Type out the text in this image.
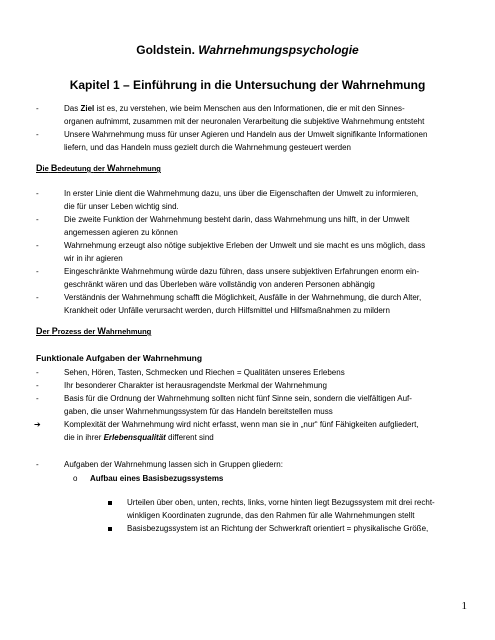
Goldstein. Wahrnehmungspsychologie
Kapitel 1 – Einführung in die Untersuchung der Wahrnehmung
-	Das Ziel ist es, zu verstehen, wie beim Menschen aus den Informationen, die er mit den Sinnes-
organen aufnimmt, zusammen mit der neuronalen Verarbeitung die subjektive Wahrnehmung entsteht
-	Unsere Wahrnehmung muss für unser Agieren und Handeln aus der Umwelt signifikante Informationen
liefern, und das Handeln muss gezielt durch die Wahrnehmung gesteuert werden
Die Bedeutung der Wahrnehmung
-	In erster Linie dient die Wahrnehmung dazu, uns über die Eigenschaften der Umwelt zu informieren,
die für unser Leben wichtig sind.
-	Die zweite Funktion der Wahrnehmung besteht darin, dass Wahrnehmung uns hilft, in der Umwelt
angemessen agieren zu können
-	Wahrnehmung erzeugt also nötige subjektive Erleben der Umwelt und sie macht es uns möglich, dass
wir in ihr agieren
-	Eingeschränkte Wahrnehmung würde dazu führen, dass unsere subjektiven Erfahrungen enorm ein-
geschränkt wären und das Überleben wäre vollständig von anderen Personen abhängig
-	Verständnis der Wahrnehmung schafft die Möglichkeit, Ausfälle in der Wahrnehmung, die durch Alter,
Krankheit oder Unfälle verursacht werden, durch Hilfsmittel und Hilfsmaßnahmen zu mildern
Der Prozess der Wahrnehmung
Funktionale Aufgaben der Wahrnehmung
-	Sehen, Hören, Tasten, Schmecken und Riechen = Qualitäten unseres Erlebens
-	Ihr besonderer Charakter ist herausragendste Merkmal der Wahrnehmung
-	Basis für die Ordnung der Wahrnehmung sollten nicht fünf Sinne sein, sondern die vielfältigen Auf-
gaben, die unser Wahrnehmungssystem für das Handeln bereitstellen muss
➔	Komplexität der Wahrnehmung wird nicht erfasst, wenn man sie in „nur“ fünf Fähigkeiten aufgliedert,
die in ihrer Erlebensqualität different sind
-	Aufgaben der Wahrnehmung lassen sich in Gruppen gliedern:
o Aufbau eines Basisbezugssystems
Urteilen über oben, unten, rechts, links, vorne hinten liegt Bezugssystem mit drei recht-
winkligen Koordinaten zugrunde, das den Rahmen für alle Wahrnehmungen stellt
Basisbezugssystem ist an Richtung der Schwerkraft orientiert = physikalische Größe,
1
